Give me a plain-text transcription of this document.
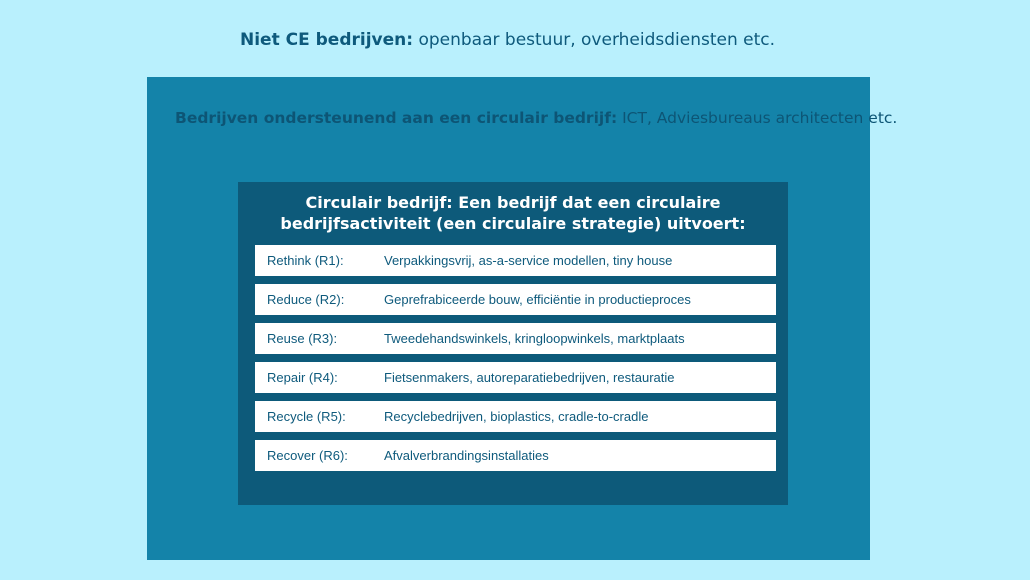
Niet CE bedrijven: openbaar bestuur, overheidsdiensten etc.
Bedrijven ondersteunend aan een circulair bedrijf: ICT, Adviesbureaus architecten etc.
Circulair bedrijf: Een bedrijf dat een circulaire
bedrijfsactiviteit (een circulaire strategie) uitvoert:
Rethink (R1):	Verpakkingsvrij, as-a-service modellen, tiny house
Reduce (R2):	Geprefrabiceerde bouw, efficiëntie in productieproces
Reuse (R3):	Tweedehandswinkels, kringloopwinkels, marktplaats
Repair (R4):	Fietsenmakers, autoreparatiebedrijven, restauratie
Recycle (R5):	Recyclebedrijven, bioplastics, cradle-to-cradle
Recover (R6):	Afvalverbrandingsinstallaties
